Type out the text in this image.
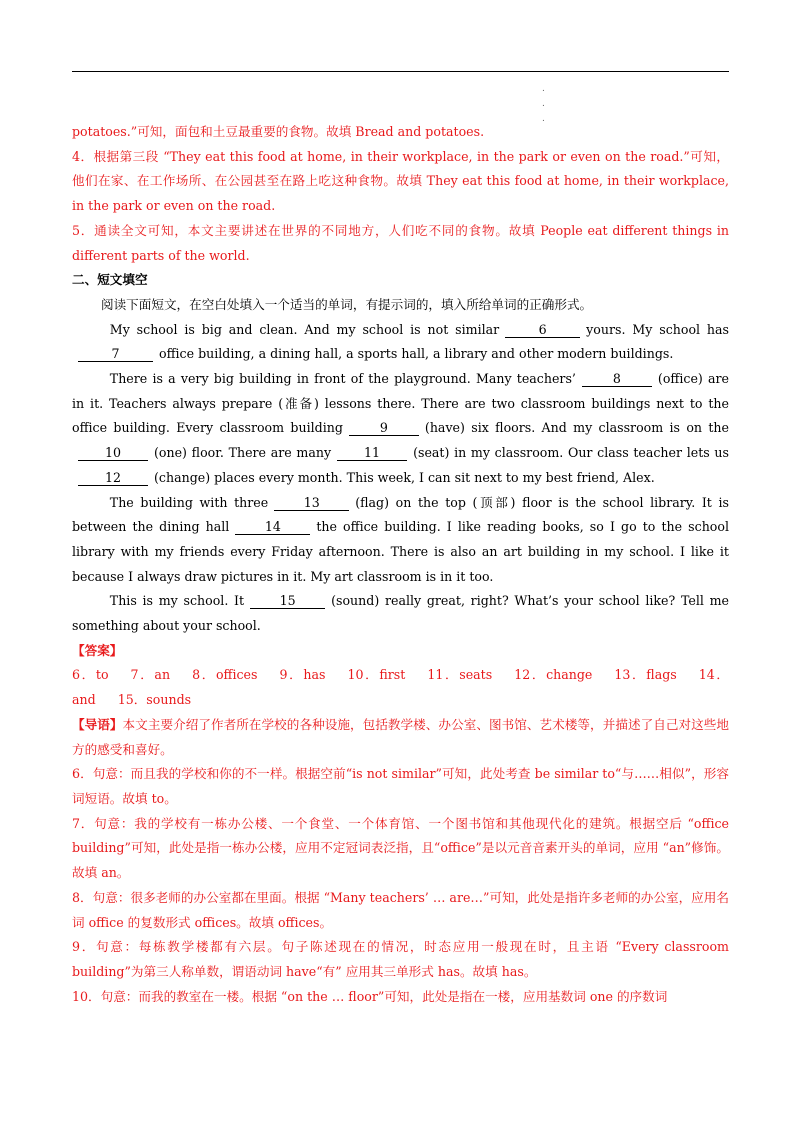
.
.
.

potatoes.”可知，面包和土豆最重要的食物。故填 Bread and potatoes.

4．根据第三段 “They eat this food at home, in their workplace, in the park or even on the road.”可知，他们在家、在工作场所、在公园甚至在路上吃这种食物。故填 They eat this food at home, in their workplace, in the park or even on the road.

5．通读全文可知，本文主要讲述在世界的不同地方，人们吃不同的食物。故填 People eat different things in different parts of the world.

二、短文填空

阅读下面短文，在空白处填入一个适当的单词，有提示词的，填入所给单词的正确形式。

My school is big and clean. And my school is not similar	6	yours. My school has7	office building, a dining hall, a sports hall, a library and other modern buildings.

There is a very big building in front of the playground. Many teachers’	8	(office) are in it. Teachers always prepare (准备) lessons there. There are two classroom buildings next to the office building. Every classroom building	9	(have) six floors. And my classroom is on the10	(one) floor. There are many	11	(seat) in my classroom. Our class teacher lets us12	(change) places every month. This week, I can sit next to my best friend, Alex.

The building with three	13	(flag) on the top (顶部) floor is the school library. It is between the dining hall	14	the office building. I like reading books, so I go to the school library with my friends every Friday afternoon. There is also an art building in my school. I like it because I always draw pictures in it. My art classroom is in it too.

This is my school. It	15	(sound) really great, right? What’s your school like? Tell me something about your school.

【答案】

6．to 7．an 8．offices 9．has 10．first 11．seats 12．change 13．flags 14．and 15．sounds

【导语】本文主要介绍了作者所在学校的各种设施，包括教学楼、办公室、图书馆、艺术楼等，并描述了自己对这些地方的感受和喜好。

6．句意：而且我的学校和你的不一样。根据空前“is not similar”可知，此处考查 be similar to“与……相似”，形容词短语。故填 to。

7．句意：我的学校有一栋办公楼、一个食堂、一个体育馆、一个图书馆和其他现代化的建筑。根据空后 “office building”可知，此处是指一栋办公楼，应用不定冠词表泛指，且“office”是以元音音素开头的单词，应用 “an”修饰。故填 an。

8．句意：很多老师的办公室都在里面。根据 “Many teachers’ … are…”可知，此处是指许多老师的办公室，应用名词 office 的复数形式 offices。故填 offices。

9．句意：每栋教学楼都有六层。句子陈述现在的情况，时态应用一般现在时，且主语 “Every classroom building”为第三人称单数，谓语动词 have“有” 应用其三单形式 has。故填 has。

10．句意：而我的教室在一楼。根据 “on the … floor”可知，此处是指在一楼，应用基数词 one 的序数词
